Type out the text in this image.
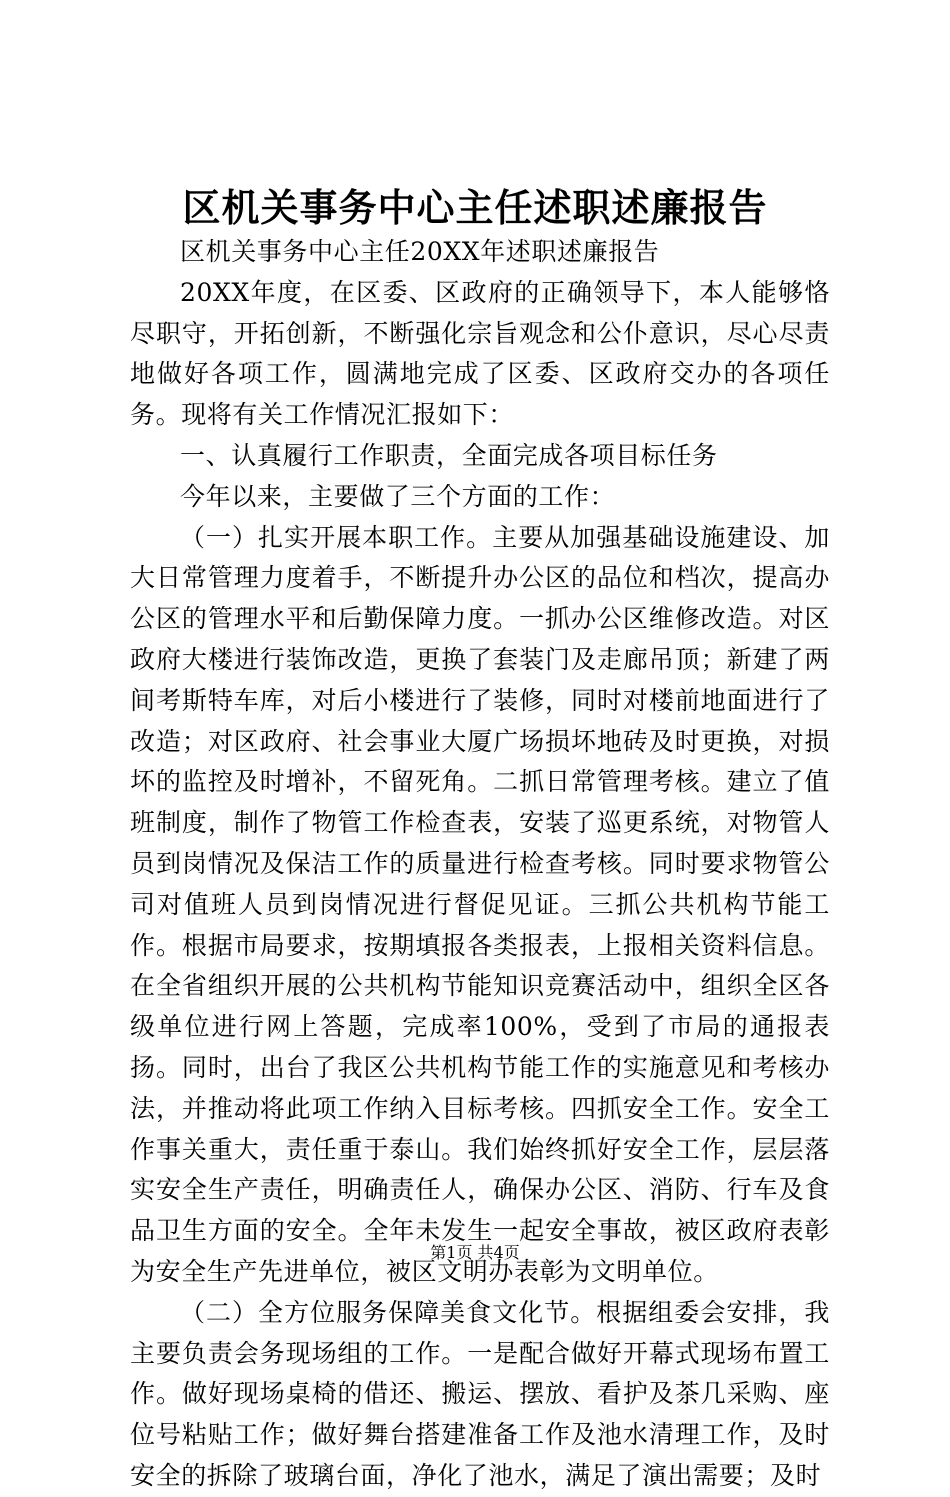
区机关事务中心主任述职述廉报告

区机关事务中心主任20XX年述职述廉报告

20XX年度，在区委、区政府的正确领导下，本人能够恪尽职守，开拓创新，不断强化宗旨观念和公仆意识，尽心尽责地做好各项工作，圆满地完成了区委、区政府交办的各项任务。现将有关工作情况汇报如下：

一、认真履行工作职责，全面完成各项目标任务

今年以来，主要做了三个方面的工作：

（一）扎实开展本职工作。主要从加强基础设施建设、加大日常管理力度着手，不断提升办公区的品位和档次，提高办公区的管理水平和后勤保障力度。一抓办公区维修改造。对区政府大楼进行装饰改造，更换了套装门及走廊吊顶；新建了两间考斯特车库，对后小楼进行了装修，同时对楼前地面进行了改造；对区政府、社会事业大厦广场损坏地砖及时更换，对损坏的监控及时增补，不留死角。二抓日常管理考核。建立了值班制度，制作了物管工作检查表，安装了巡更系统，对物管人员到岗情况及保洁工作的质量进行检查考核。同时要求物管公司对值班人员到岗情况进行督促见证。三抓公共机构节能工作。根据市局要求，按期填报各类报表，上报相关资料信息。在全省组织开展的公共机构节能知识竞赛活动中，组织全区各级单位进行网上答题，完成率100%，受到了市局的通报表扬。同时，出台了我区公共机构节能工作的实施意见和考核办法，并推动将此项工作纳入目标考核。四抓安全工作。安全工作事关重大，责任重于泰山。我们始终抓好安全工作，层层落实安全生产责任，明确责任人，确保办公区、消防、行车及食品卫生方面的安全。全年未发生一起安全事故，被区政府表彰为安全生产先进单位，被区文明办表彰为文明单位。

（二）全方位服务保障美食文化节。根据组委会安排，我主要负责会务现场组的工作。一是配合做好开幕式现场布置工作。做好现场桌椅的借还、搬运、摆放、看护及茶几采购、座位号粘贴工作；做好舞台搭建准备工作及池水清理工作，及时安全的拆除了玻璃台面，净化了池水，满足了演出需要；及时

第1页 共4页
